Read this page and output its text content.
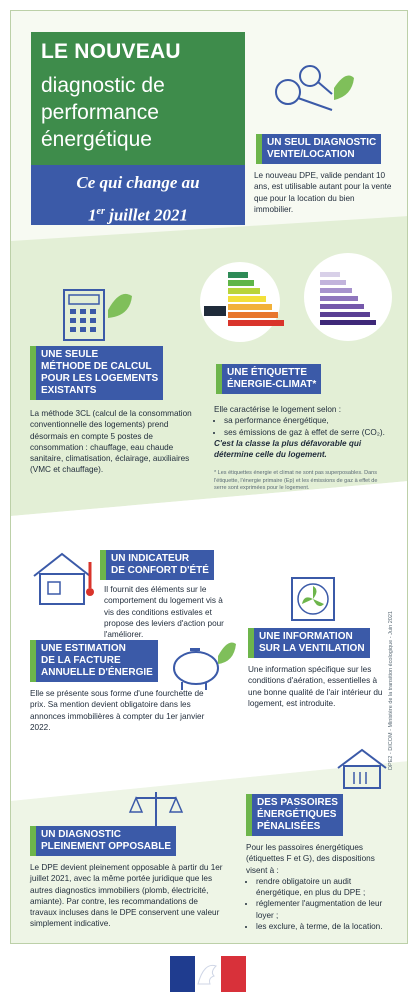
LE NOUVEAU
diagnostic de
performance
énergétique
Ce qui change au
1er juillet 2021
UN SEUL DIAGNOSTIC
VENTE/LOCATION

Le nouveau DPE, valide pendant 10 ans, est utilisable autant pour la vente que pour la location du bien immobilier.

UNE SEULE
MÉTHODE DE CALCUL
POUR LES LOGEMENTS
EXISTANTS

La méthode 3CL (calcul de la consommation conventionnelle des logements) prend désormais en compte 5 postes de consommation : chauffage, eau chaude sanitaire, climatisation, éclairage, auxiliaires (VMC et chauffage).

UNE ÉTIQUETTE
ÉNERGIE-CLIMAT*

Elle caractérise le logement selon :

• sa performance énergétique,
• ses émissions de gaz à effet de serre (CO₂).

C'est la classe la plus défavorable qui détermine celle du logement.

* Les étiquettes énergie et climat ne sont pas superposables. Dans l'étiquette, l'énergie primaire (Ep) et les émissions de gaz à effet de serre sont exprimées pour le logement.

UN INDICATEUR
DE CONFORT D'ÉTÉ

Il fournit des éléments sur le comportement du logement vis à vis des conditions estivales et propose des leviers d'action pour l'améliorer.	UNE INFORMATION
SUR LA VENTILATION

Une information spécifique sur les conditions d'aération, essentielles à une bonne qualité de l'air intérieur du logement, est introduite.

UNE ESTIMATION
DE LA FACTURE
ANNUELLE D'ÉNERGIE

Elle se présente sous forme d'une fourchette de prix. Sa mention devient obligatoire dans les annonces immobilières à compter du 1er janvier 2022.

UN DIAGNOSTIC
PLEINEMENT OPPOSABLE

Le DPE devient pleinement opposable à partir du 1er juillet 2021, avec la même portée juridique que les autres diagnostics immobiliers (plomb, électricité, amiante). Par contre, les recommandations de travaux incluses dans le DPE conservent une valeur simplement indicative.

DES PASSOIRES
ÉNERGÉTIQUES
PÉNALISÉES

Pour les passoires énergétiques (étiquettes F et G), des dispositions visent à :

• rendre obligatoire un audit énergétique, en plus du DPE ;
• réglementer l'augmentation de leur loyer ;
• les exclure, à terme, de la location.
DPE2 - DICOM - Ministère de la transition écologique - Juin 2021
